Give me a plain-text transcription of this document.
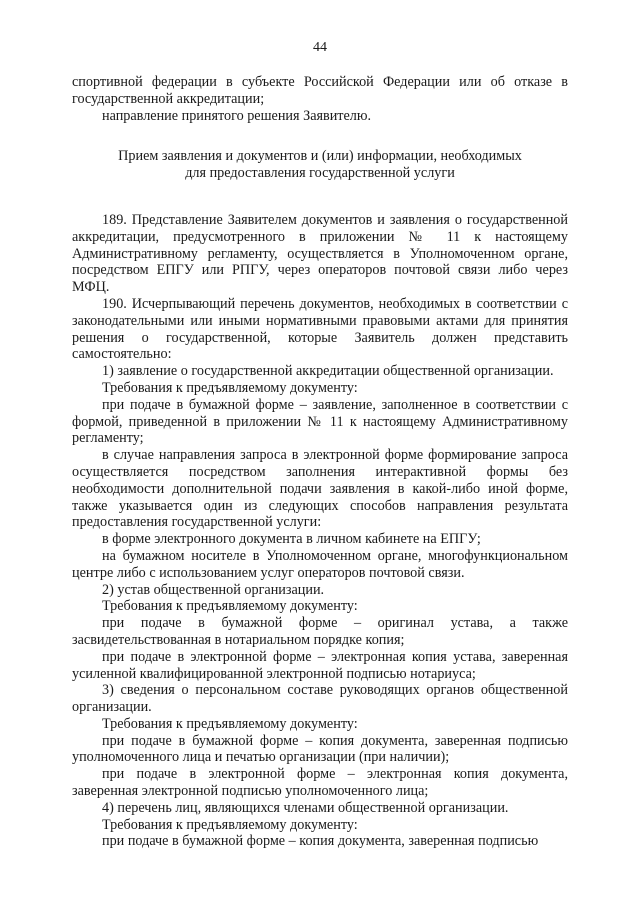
44

спортивной федерации в субъекте Российской Федерации или об отказе в государственной аккредитации;

направление принятого решения Заявителю.

Прием заявления и документов и (или) информации, необходимых
для предоставления государственной услуги

189. Представление Заявителем документов и заявления о государственной аккредитации, предусмотренного в приложении № 11 к настоящему Административному регламенту, осуществляется в Уполномоченном органе, посредством ЕПГУ или РПГУ, через операторов почтовой связи либо через МФЦ.

190. Исчерпывающий перечень документов, необходимых в соответствии с законодательными или иными нормативными правовыми актами для принятия решения о государственной, которые Заявитель должен представить самостоятельно:

1) заявление о государственной аккредитации общественной организации.

Требования к предъявляемому документу:

при подаче в бумажной форме – заявление, заполненное в соответствии с формой, приведенной в приложении № 11 к настоящему Административному регламенту;

в случае направления запроса в электронной форме формирование запроса осуществляется посредством заполнения интерактивной формы без необходимости дополнительной подачи заявления в какой-либо иной форме, также указывается один из следующих способов направления результата предоставления государственной услуги:

в форме электронного документа в личном кабинете на ЕПГУ;

на бумажном носителе в Уполномоченном органе, многофункциональном центре либо с использованием услуг операторов почтовой связи.

2) устав общественной организации.

Требования к предъявляемому документу:

при подаче в бумажной форме – оригинал устава, а также засвидетельствованная в нотариальном порядке копия;

при подаче в электронной форме – электронная копия устава, заверенная усиленной квалифицированной электронной подписью нотариуса;

3) сведения о персональном составе руководящих органов общественной организации.

Требования к предъявляемому документу:

при подаче в бумажной форме – копия документа, заверенная подписью уполномоченного лица и печатью организации (при наличии);

при подаче в электронной форме – электронная копия документа, заверенная электронной подписью уполномоченного лица;

4) перечень лиц, являющихся членами общественной организации.

Требования к предъявляемому документу:

при подаче в бумажной форме – копия документа, заверенная подписью
